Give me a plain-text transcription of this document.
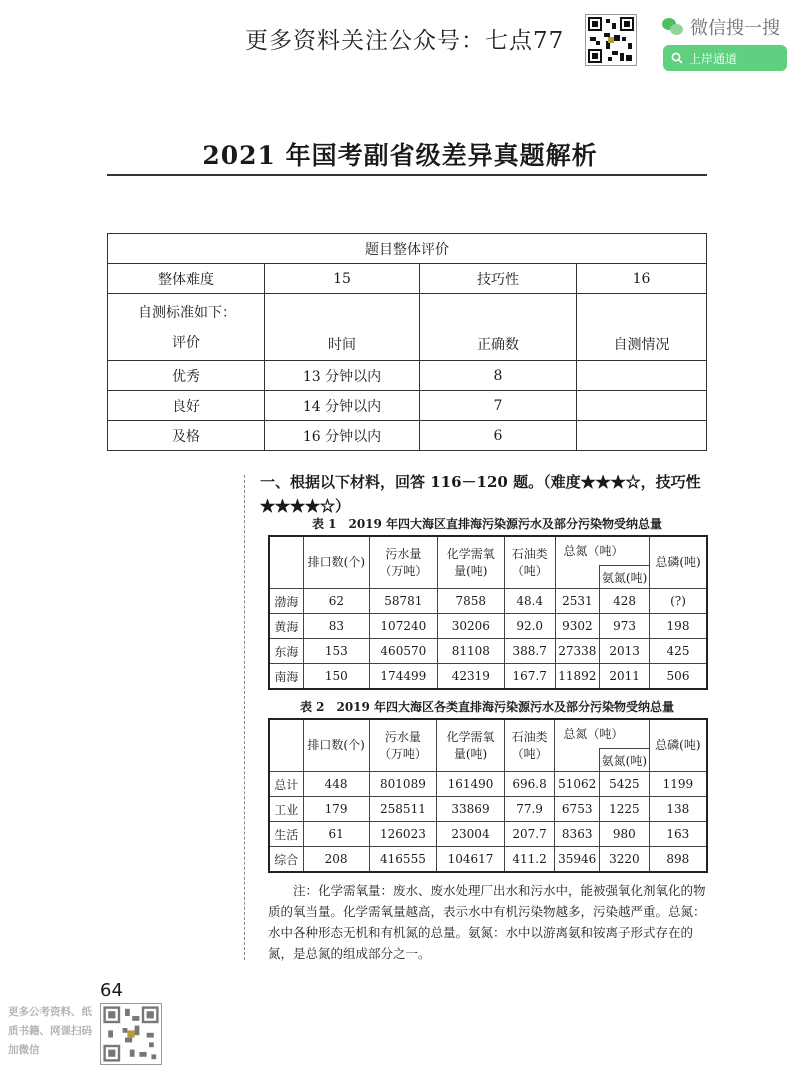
更多资料关注公众号：七点77	微信搜一搜
上岸通道
2021 年国考副省级差异真题解析
题目整体评价			
整体难度	15	技巧性	16

自测标准如下：
评价	时间	正确数	自测情况
优秀	13 分钟以内	8	
良好	14 分钟以内	7	
及格	16 分钟以内	6	
一、根据以下材料，回答 116－120 题。（难度★★★☆，技巧性★★★★☆）
表 1　2019 年四大海区直排海污染源污水及部分污染物受纳总量
	排口数(个)	污水量（万吨）	化学需氧量(吨)	石油类（吨）	总氮（吨）		总磷(吨)
						氨氮(吨)	
渤海	62	58781	7858	48.4	2531	428	(?)
黄海	83	107240	30206	92.0	9302	973	198
东海	153	460570	81108	388.7	27338	2013	425
南海	150	174499	42319	167.7	11892	2011	506
表 2　2019 年四大海区各类直排海污染源污水及部分污染物受纳总量
	排口数(个)	污水量（万吨）	化学需氧量(吨)	石油类（吨）	总氮（吨）		总磷(吨)
						氨氮(吨)	
总计	448	801089	161490	696.8	51062	5425	1199
工业	179	258511	33869	77.9	6753	1225	138
生活	61	126023	23004	207.7	8363	980	163
综合	208	416555	104617	411.2	35946	3220	898
注：化学需氧量：废水、废水处理厂出水和污水中，能被强氧化剂氧化的物质的氧当量。化学需氧量越高，表示水中有机污染物越多，污染越严重。总氮：水中各种形态无机和有机氮的总量。氨氮：水中以游离氨和铵离子形式存在的氮，是总氮的组成部分之一。
64
更多公考资料、纸质书籍、网课扫码加微信
